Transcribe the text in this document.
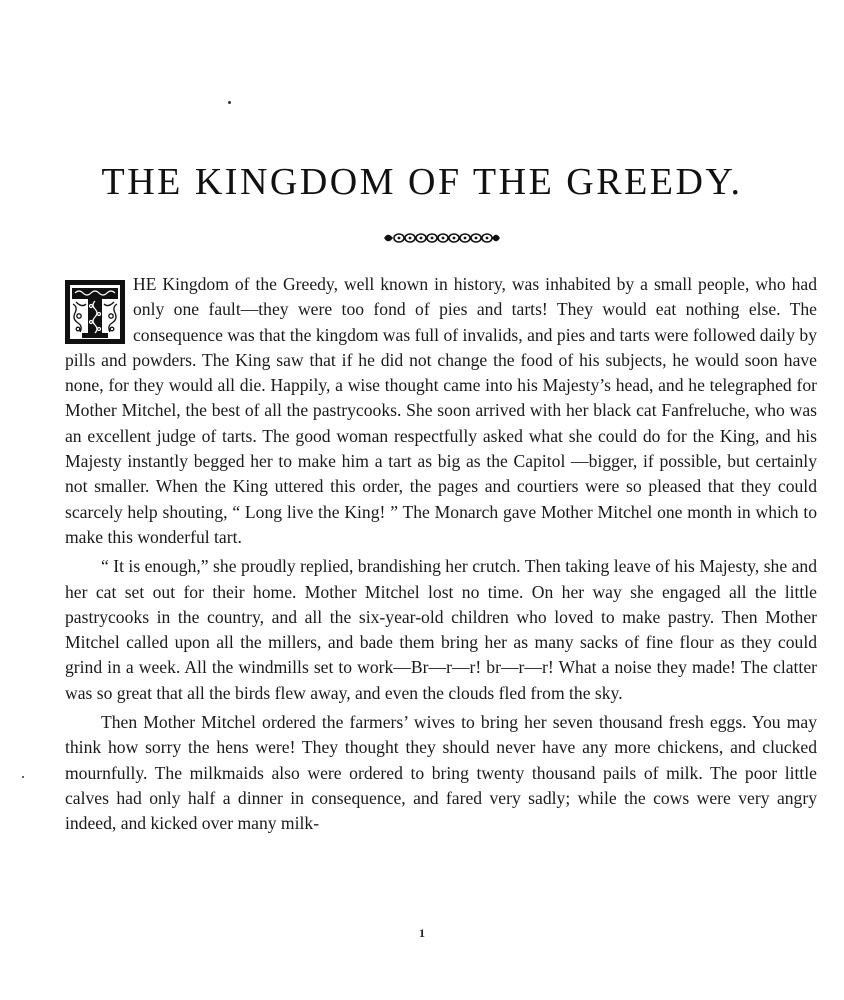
THE KINGDOM OF THE GREEDY.

HE Kingdom of the Greedy, well known in history, was inhabited by a small people, who had only one fault—they were too fond of pies and tarts! They would eat nothing else. The consequence was that the kingdom was full of invalids, and pies and tarts were followed daily by pills and powders. The King saw that if he did not change the food of his subjects, he would soon have none, for they would all die. Happily, a wise thought came into his Majesty’s head, and he telegraphed for Mother Mitchel, the best of all the pastrycooks. She soon arrived with her black cat Fanfreluche, who was an excellent judge of tarts. The good woman respectfully asked what she could do for the King, and his Majesty instantly begged her to make him a tart as big as the Capitol —bigger, if possible, but certainly not smaller. When the King uttered this order, the pages and courtiers were so pleased that they could scarcely help shouting, “ Long live the King! ” The Monarch gave Mother Mitchel one month in which to make this wonderful tart.

“ It is enough,” she proudly replied, brandishing her crutch. Then taking leave of his Majesty, she and her cat set out for their home. Mother Mitchel lost no time. On her way she engaged all the little pastrycooks in the country, and all the six-year-old children who loved to make pastry. Then Mother Mitchel called upon all the millers, and bade them bring her as many sacks of fine flour as they could grind in a week. All the windmills set to work—Br—r—r! br—r—r! What a noise they made! The clatter was so great that all the birds flew away, and even the clouds fled from the sky.

Then Mother Mitchel ordered the farmers’ wives to bring her seven thousand fresh eggs. You may think how sorry the hens were! They thought they should never have any more chickens, and clucked mournfully. The milkmaids also were ordered to bring twenty thousand pails of milk. The poor little calves had only half a dinner in consequence, and fared very sadly; while the cows were very angry indeed, and kicked over many milk-

1
